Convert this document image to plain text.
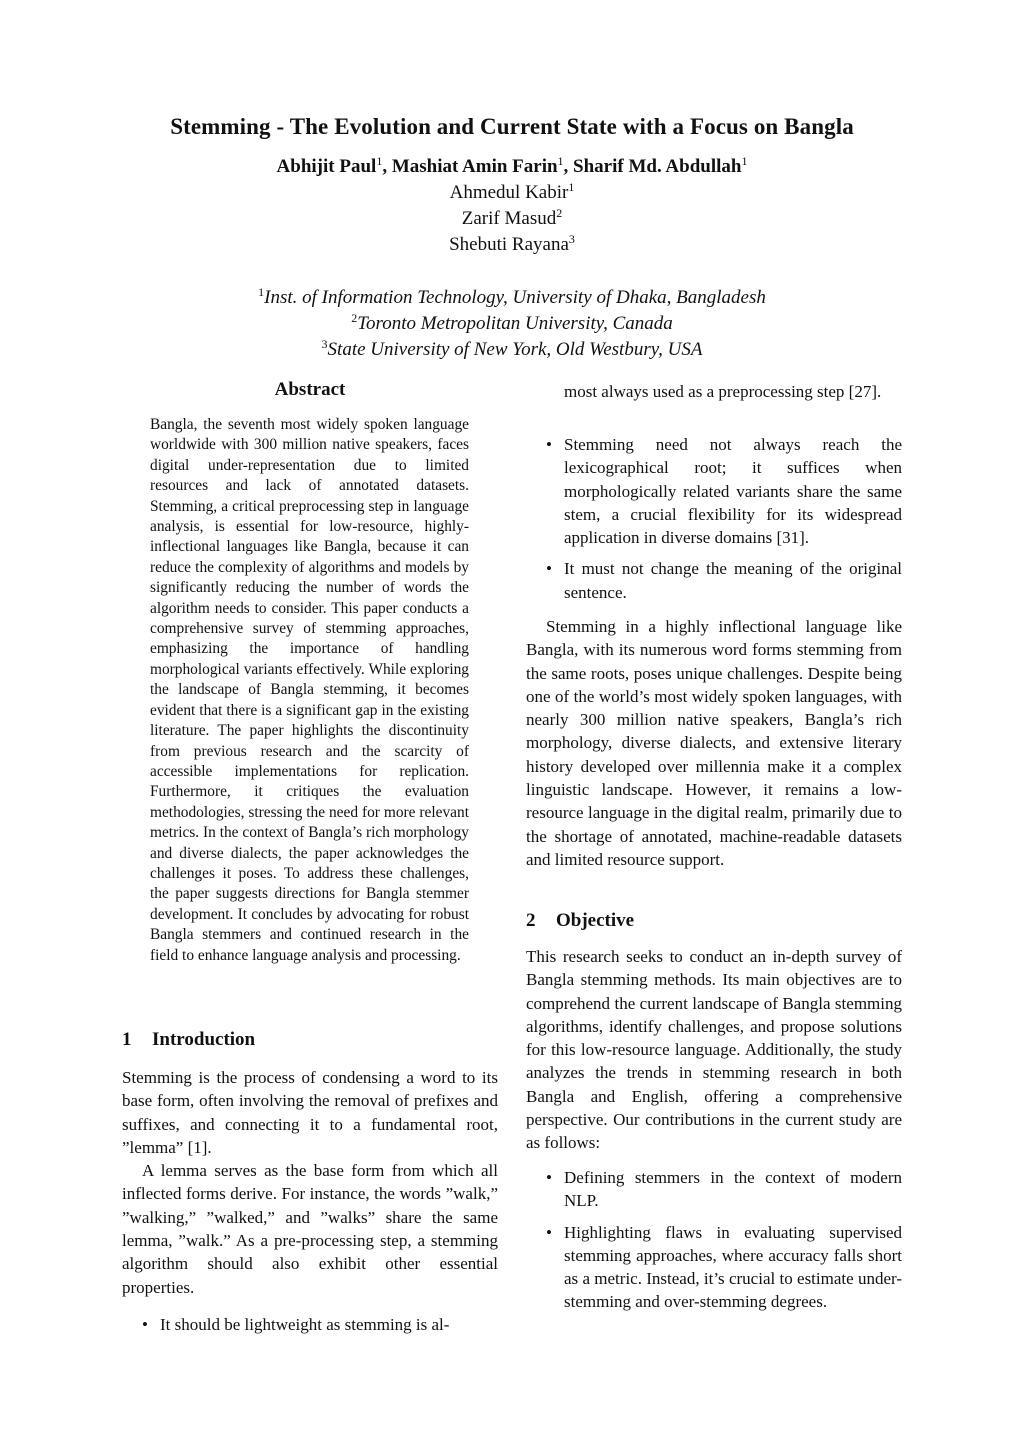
Stemming - The Evolution and Current State with a Focus on Bangla
Abhijit Paul$^1$, Mashiat Amin Farin$^1$, Sharif Md. Abdullah$^1$
Ahmedul Kabir$^1$
Zarif Masud$^2$
Shebuti Rayana$^3$
$^1$Inst. of Information Technology, University of Dhaka, Bangladesh
$^2$Toronto Metropolitan University, Canada
$^3$State University of New York, Old Westbury, USA
Abstract
Bangla, the seventh most widely spoken language worldwide with 300 million native speakers, faces digital under-representation due to limited resources and lack of annotated datasets. Stemming, a critical preprocessing step in language analysis, is essential for low-resource, highly-inflectional languages like Bangla, because it can reduce the complexity of algorithms and models by significantly reducing the number of words the algorithm needs to consider. This paper conducts a comprehensive survey of stemming approaches, emphasizing the importance of handling morphological variants effectively. While exploring the landscape of Bangla stemming, it becomes evident that there is a significant gap in the existing literature. The paper highlights the discontinuity from previous research and the scarcity of accessible implementations for replication. Furthermore, it critiques the evaluation methodologies, stressing the need for more relevant metrics. In the context of Bangla’s rich morphology and diverse dialects, the paper acknowledges the challenges it poses. To address these challenges, the paper suggests directions for Bangla stemmer development. It concludes by advocating for robust Bangla stemmers and continued research in the field to enhance language analysis and processing.
1 Introduction

Stemming is the process of condensing a word to its base form, often involving the removal of prefixes and suffixes, and connecting it to a fundamental root, ”lemma” [1].

A lemma serves as the base form from which all inflected forms derive. For instance, the words ”walk,” ”walking,” ”walked,” and ”walks” share the same lemma, ”walk.” As a pre-processing step, a stemming algorithm should also exhibit other essential properties.

• It should be lightweight as stemming is al-
most always used as a preprocessing step [27].
• Stemming need not always reach the lexicographical root; it suffices when morphologically related variants share the same stem, a crucial flexibility for its widespread application in diverse domains [31].
• It must not change the meaning of the original sentence.

Stemming in a highly inflectional language like Bangla, with its numerous word forms stemming from the same roots, poses unique challenges. Despite being one of the world’s most widely spoken languages, with nearly 300 million native speakers, Bangla’s rich morphology, diverse dialects, and extensive literary history developed over millennia make it a complex linguistic landscape. However, it remains a low-resource language in the digital realm, primarily due to the shortage of annotated, machine-readable datasets and limited resource support.

2 Objective

This research seeks to conduct an in-depth survey of Bangla stemming methods. Its main objectives are to comprehend the current landscape of Bangla stemming algorithms, identify challenges, and propose solutions for this low-resource language. Additionally, the study analyzes the trends in stemming research in both Bangla and English, offering a comprehensive perspective. Our contributions in the current study are as follows:

• Defining stemmers in the context of modern NLP.
• Highlighting flaws in evaluating supervised stemming approaches, where accuracy falls short as a metric. Instead, it’s crucial to estimate under-stemming and over-stemming degrees.
